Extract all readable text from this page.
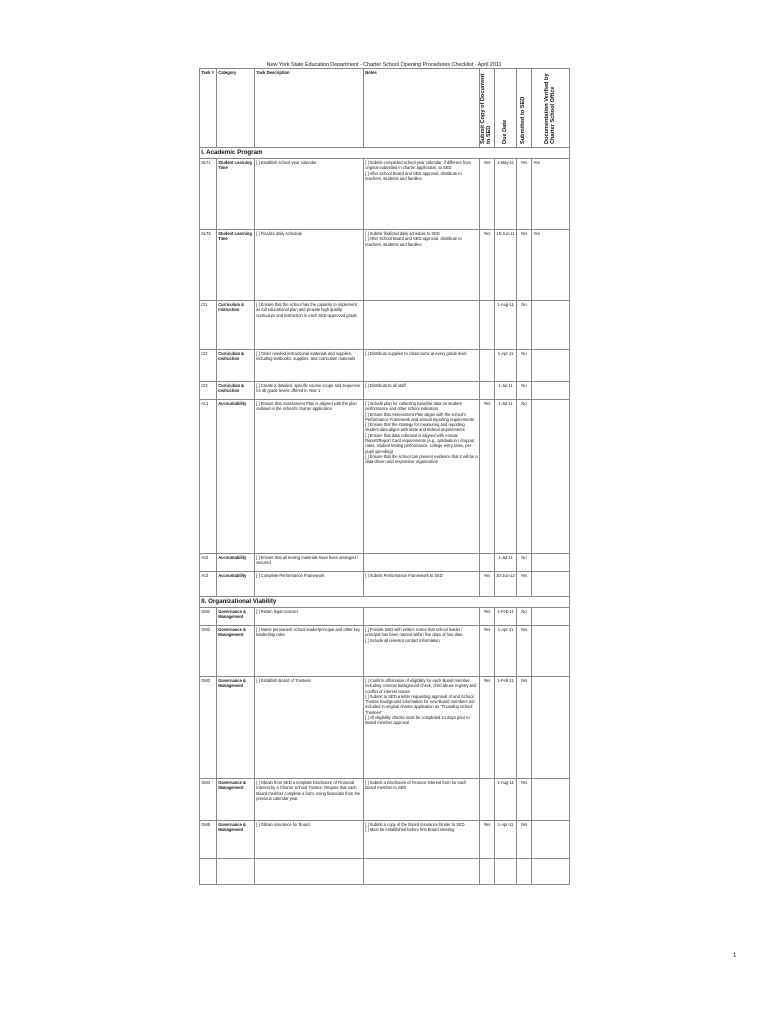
New York State Education Department - Charter School Opening Procedures Checklist - April 2011
Task #	Category	Task Description	Notes	Submit Copy of Document to SED	Due Date	Submitted to SED	Documentation Verified by Charter School Office

I. Academic Program							
SLT1	Student Learning Time	[ ] Establish school-year calendar	[ ] Submit completed school-year calendar, if different from original submitted in charter application, to SED
[ ] After School Board and SED approval, distribute to teachers, students and families	Yes	1-May-11	Yes	Yes
SLT2	Student Learning Time	[ ] Finalize daily schedule	[ ] Submit finalized daily schedule to SED
[ ] After School Board and SED approval, distribute to teachers, students and families	Yes	15-Jun-11	Yes	Yes
CI1	Curriculum & Instruction	[ ] Ensure that the school has the capacity to implement its full educational plan and provide high quality curriculum and instruction in each SED-approved grade			1-Aug-11	No	
CI2	Curriculum & Instruction	[ ] Order needed instructional materials and supplies, including textbooks, supplies, and curriculum materials	[ ] Distribute supplies to classrooms at every grade level		1-Apr-11	No	
CI3	Curriculum & Instruction	[ ] Create a detailed, specific course scope and sequence for all grade levels offered in Year 1	[ ] Distribute to all staff		1-Jul-11	No	
Ac1	Accountability	[ ] Ensure that Assessment Plan is aligned with the plan outlined in the school's charter application	[ ] Include plan for collecting baseline data on student performance and other school indicators
[ ] Ensure that Assessment Plan aligns with the school's Performance Framework and annual reporting requirements
[ ] Ensure that the strategy for measuring and reporting student data aligns with state and federal requirements
[ ] Ensure that data collected is aligned with Annual Report/Report Card requirements (e.g., graduation / dropout rates, student testing performance, college entry rates, per-pupil spending)
[ ] Ensure that the school can present evidence that it will be a data-driven and responsive organization	Yes	1-Jul-11	No	
Ac2	Accountability	[ ] Ensure that all testing materials have been arranged / secured			1-Jul-11	No	
Ac3	Accountability	[ ] Complete Performance Framework	[ ] Submit Performance Framework to SED	Yes	30-Jun-12	Yes	
II. Organizational Viability							
GM1	Governance & Management	[ ] Retain legal counsel		Yes	1-Feb-11	No	
GM2	Governance & Management	[ ] Name permanent school leader/principal and other key leadership roles	[ ] Provide SED with written notice that school leader / principal has been named within five days of hire date
[ ] Include all relevant contact information	Yes	1-Apr-11	Yes	
GM3	Governance & Management	[ ] Establish Board of Trustees	[ ] Confirm affirmation of eligibility for each Board member, including criminal background check, child abuse registry and conflict of interest issues
[ ] Submit to SED a letter requesting approval of and School Trustee background information for new Board members not included in original charter application as "Founding School Trustees"
[ ] All eligibility checks must be completed 14 days prior to Board member approval	Yes	1-Feb-11	Yes	
GM4	Governance & Management	[ ] Obtain from SED a template Disclosure of Financial Interest by a Charter School Trustee. Require that each Board member complete a form, using financials from the previous calendar year.	[ ] Submit a Disclosure of Finance Interest form for each Board member to SED		1-Aug-11	Yes	
GM5	Governance & Management	[ ] Obtain insurance for Board	[ ] Submit a copy of the Board insurance binder to SED
[ ] Must be established before first Board meeting	Yes	1-Apr-11	Yes	

1
